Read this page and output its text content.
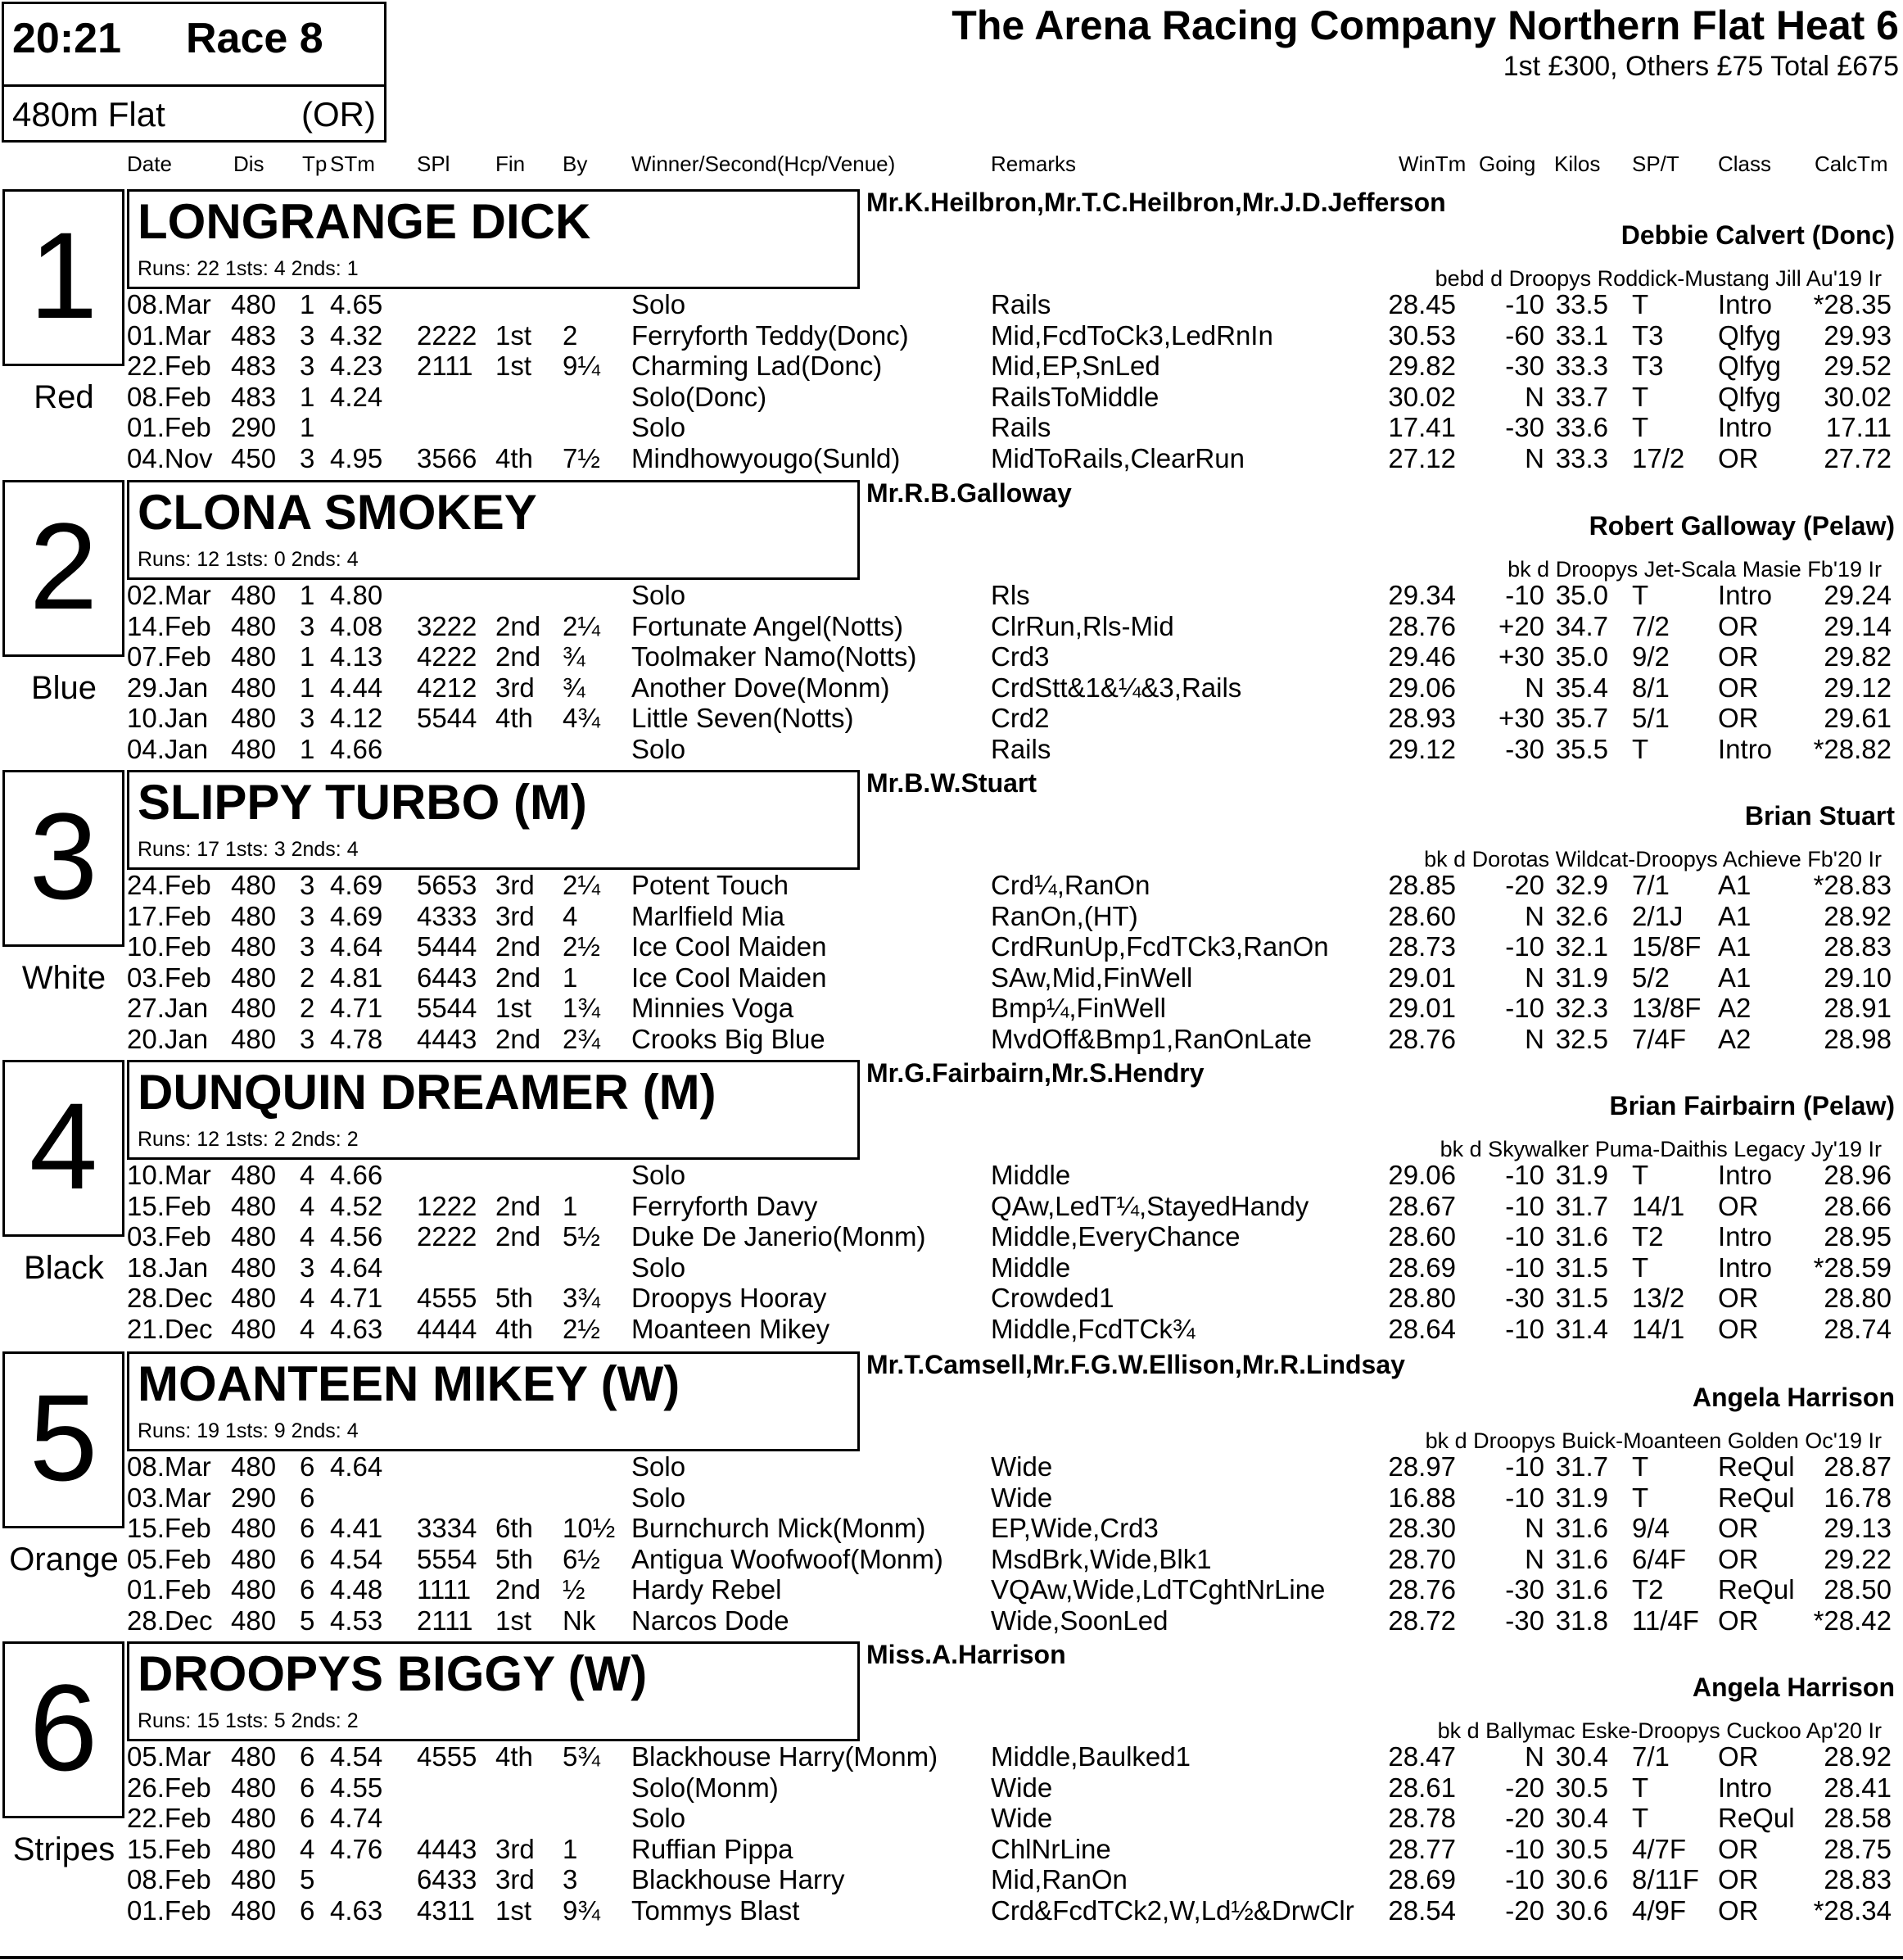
20:21 Race 8
480m Flat	(OR)
The Arena Racing Company Northern Flat Heat 6
1st £300, Others £75 Total £675
Date	Dis Tp STm SPl Fin By Winner/Second(Hcp/Venue)	Remarks	WinTm Going Kilos SP/T Class CalcTm
1
Red
LONGRANGE DICK
Runs: 22 1sts: 4 2nds: 1
Mr.K.Heilbron,Mr.T.C.Heilbron,Mr.J.D.Jefferson
Debbie Calvert (Donc)
bebd d Droopys Roddick-Mustang Jill Au'19 Ir
08.Mar 480 1 4.65	Solo	Rails	28.45	-10 33.5 T	Intro	*28.35
01.Mar 483 3 4.32	2222 1st	2	Ferryforth Teddy(Donc)	Mid,FcdToCk3,LedRnIn	30.53	-60 33.1 T3	Qlfyg	29.93
22.Feb 483 3 4.23	2111 1st	9¼	Charming Lad(Donc)	Mid,EP,SnLed	29.82	-30 33.3 T3	Qlfyg	29.52
08.Feb 483 1 4.24	Solo(Donc)	RailsToMiddle	30.02	N 33.7 T	Qlfyg	30.02
01.Feb 290 1	Solo	Rails	17.41	-30 33.6 T	Intro	17.11
04.Nov 450 3 4.95	3566 4th	7½	Mindhowyougo(Sunld)	MidToRails,ClearRun	27.12	N 33.3 17/2	OR	27.72
2
Blue
CLONA SMOKEY
Runs: 12 1sts: 0 2nds: 4
Mr.R.B.Galloway
Robert Galloway (Pelaw)
bk d Droopys Jet-Scala Masie Fb'19 Ir
02.Mar 480 1 4.80	Solo	Rls	29.34	-10 35.0 T	Intro	29.24
14.Feb 480 3 4.08	3222 2nd 2¼	Fortunate Angel(Notts)	ClrRun,Rls-Mid	28.76	+20 34.7 7/2	OR	29.14
07.Feb 480 1 4.13	4222 2nd ¾	Toolmaker Namo(Notts)	Crd3	29.46	+30 35.0 9/2	OR	29.82
29.Jan 480 1 4.44	4212 3rd	¾	Another Dove(Monm)	CrdStt&1&¼&3,Rails	29.06	N 35.4 8/1	OR	29.12
10.Jan 480 3 4.12	5544 4th	4¾	Little Seven(Notts)	Crd2	28.93	+30 35.7 5/1	OR	29.61
04.Jan 480 1 4.66	Solo	Rails	29.12	-30 35.5 T	Intro	*28.82
3
White
SLIPPY TURBO (M)
Runs: 17 1sts: 3 2nds: 4
Mr.B.W.Stuart
Brian Stuart
bk d Dorotas Wildcat-Droopys Achieve Fb'20 Ir
24.Feb 480 3 4.69	5653 3rd	2¼	Potent Touch	Crd¼,RanOn	28.85	-20 32.9 7/1	A1	*28.83
17.Feb 480 3 4.69	4333 3rd	4	Marlfield Mia	RanOn,(HT)	28.60	N 32.6 2/1J	A1	28.92
10.Feb 480 3 4.64	5444 2nd 2½	Ice Cool Maiden	CrdRunUp,FcdTCk3,RanOn	28.73	-10 32.1 15/8F A1	28.83
03.Feb 480 2 4.81	6443 2nd 1	Ice Cool Maiden	SAw,Mid,FinWell	29.01	N 31.9 5/2	A1	29.10
27.Jan 480 2 4.71	5544 1st	1¾	Minnies Voga	Bmp¼,FinWell	29.01	-10 32.3 13/8F A2	28.91
20.Jan 480 3 4.78	4443 2nd 2¾	Crooks Big Blue	MvdOff&Bmp1,RanOnLate	28.76	N 32.5 7/4F	A2	28.98
4
Black
DUNQUIN DREAMER (M)
Runs: 12 1sts: 2 2nds: 2
Mr.G.Fairbairn,Mr.S.Hendry
Brian Fairbairn (Pelaw)
bk d Skywalker Puma-Daithis Legacy Jy'19 Ir
10.Mar 480 4 4.66	Solo	Middle	29.06	-10 31.9 T	Intro	28.96
15.Feb 480 4 4.52	1222 2nd 1	Ferryforth Davy	QAw,LedT¼,StayedHandy	28.67	-10 31.7 14/1	OR	28.66
03.Feb 480 4 4.56	2222 2nd 5½	Duke De Janerio(Monm)	Middle,EveryChance	28.60	-10 31.6 T2	Intro	28.95
18.Jan 480 3 4.64	Solo	Middle	28.69	-10 31.5 T	Intro	*28.59
28.Dec 480 4 4.71	4555 5th	3¾	Droopys Hooray	Crowded1	28.80	-30 31.5 13/2	OR	28.80
21.Dec 480 4 4.63	4444 4th	2½	Moanteen Mikey	Middle,FcdTCk¾	28.64	-10 31.4 14/1	OR	28.74
5
Orange
MOANTEEN MIKEY (W)
Runs: 19 1sts: 9 2nds: 4
Mr.T.Camsell,Mr.F.G.W.Ellison,Mr.R.Lindsay
Angela Harrison
bk d Droopys Buick-Moanteen Golden Oc'19 Ir
08.Mar 480 6 4.64	Solo	Wide	28.97	-10 31.7 T	ReQul	28.87
03.Mar 290 6	Solo	Wide	16.88	-10 31.9 T	ReQul	16.78
15.Feb 480 6 4.41	3334 6th	10½ Burnchurch Mick(Monm)	EP,Wide,Crd3	28.30	N 31.6 9/4	OR	29.13
05.Feb 480 6 4.54	5554 5th	6½	Antigua Woofwoof(Monm)	MsdBrk,Wide,Blk1	28.70	N 31.6 6/4F	OR	29.22
01.Feb 480 6 4.48	1111 2nd ½	Hardy Rebel	VQAw,Wide,LdTCghtNrLine	28.76	-30 31.6 T2	ReQul	28.50
28.Dec 480 5 4.53	2111 1st	Nk	Narcos Dode	Wide,SoonLed	28.72	-30 31.8 11/4F OR	*28.42
6
Stripes
DROOPYS BIGGY (W)
Runs: 15 1sts: 5 2nds: 2
Miss.A.Harrison
Angela Harrison
bk d Ballymac Eske-Droopys Cuckoo Ap'20 Ir
05.Mar 480 6 4.54	4555 4th	5¾	Blackhouse Harry(Monm)	Middle,Baulked1	28.47	N 30.4 7/1	OR	28.92
26.Feb 480 6 4.55	Solo(Monm)	Wide	28.61	-20 30.5 T	Intro	28.41
22.Feb 480 6 4.74	Solo	Wide	28.78	-20 30.4 T	ReQul	28.58
15.Feb 480 4 4.76	4443 3rd	1	Ruffian Pippa	ChlNrLine	28.77	-10 30.5 4/7F	OR	28.75
08.Feb 480 5	6433 3rd	3	Blackhouse Harry	Mid,RanOn	28.69	-10 30.6 8/11F OR	28.83
01.Feb 480 6 4.63	4311 1st	9¾	Tommys Blast	Crd&FcdTCk2,W,Ld½&DrwClr	28.54	-20 30.6 4/9F	OR	*28.34
